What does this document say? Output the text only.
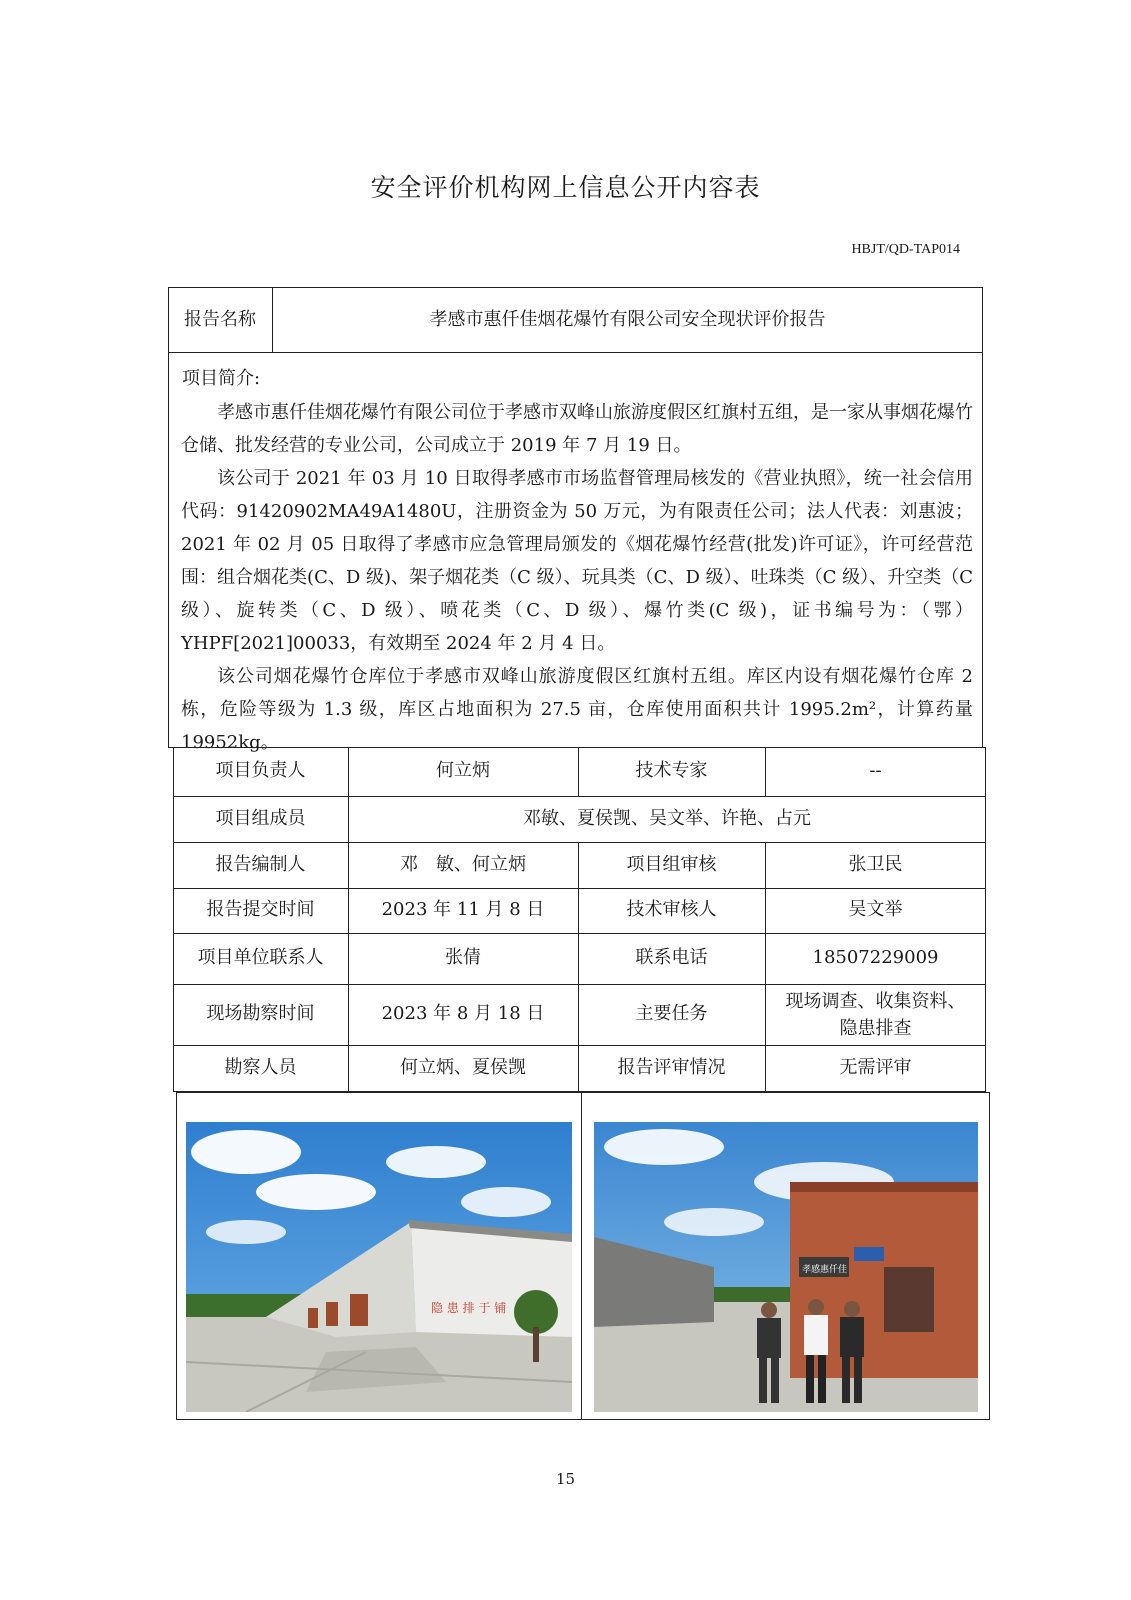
安全评价机构网上信息公开内容表
HBJT/QD-TAP014
报告名称	孝感市惠仟佳烟花爆竹有限公司安全现状评价报告
项目简介:

孝感市惠仟佳烟花爆竹有限公司位于孝感市双峰山旅游度假区红旗村五组，是一家从事烟花爆竹仓储、批发经营的专业公司，公司成立于 2019 年 7 月 19 日。

该公司于 2021 年 03 月 10 日取得孝感市市场监督管理局核发的《营业执照》，统一社会信用代码：91420902MA49A1480U，注册资金为 50 万元，为有限责任公司；法人代表：刘惠波；2021 年 02 月 05 日取得了孝感市应急管理局颁发的《烟花爆竹经营(批发)许可证》，许可经营范围：组合烟花类(C、D 级)、架子烟花类（C 级）、玩具类（C、D 级）、吐珠类（C 级）、升空类（C 级）、旋转类（C、D 级）、喷花类（C、D 级）、爆竹类(C 级)，证书编号为：（鄂）YHPF[2021]00033，有效期至 2024 年 2 月 4 日。

该公司烟花爆竹仓库位于孝感市双峰山旅游度假区红旗村五组。库区内设有烟花爆竹仓库 2 栋，危险等级为 1.3 级，库区占地面积为 27.5 亩，仓库使用面积共计 1995.2m²，计算药量 19952kg。

项目负责人	何立炳	技术专家	--
项目组成员	邓敏、夏侯觊、吴文举、许艳、占元
报告编制人	邓　敏、何立炳	项目组审核	张卫民
报告提交时间	2023 年 11 月 8 日	技术审核人	吴文举
项目单位联系人	张倩	联系电话	18507229009
现场勘察时间	2023 年 8 月 18 日	主要任务
现场调查、收集资料、
隐患排查
勘察人员	何立炳、夏侯觊	报告评审情况	无需评审
隐 患 排 于 铺
孝感惠仟佳
15
